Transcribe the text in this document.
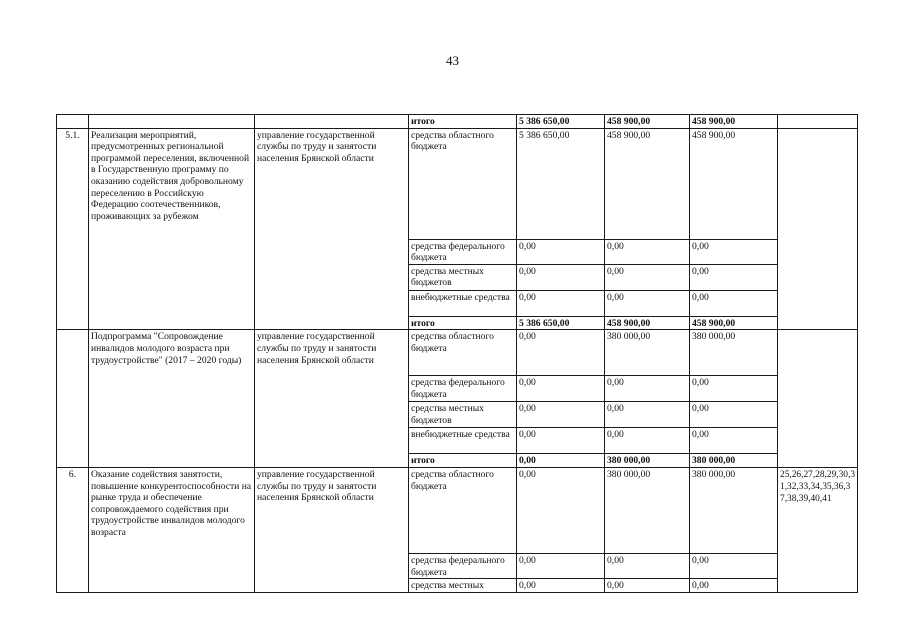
43
			итого	5 386 650,00	458 900,00	458 900,00	
5.1.	Реализация мероприятий, предусмотренных региональной программой переселения, включенной в Государственную программу по оказанию содействия добровольному переселению в Российскую Федерацию соотечественников, проживающих за рубежом	управление государственной службы по труду и занятости населения Брянской области	средства областного бюджета	5 386 650,00	458 900,00	458 900,00	
			средства федерального бюджета	0,00	0,00	0,00	
			средства местных бюджетов	0,00	0,00	0,00	
			внебюджетные средства	0,00	0,00	0,00	
			итого	5 386 650,00	458 900,00	458 900,00	
	Подпрограмма "Сопровождение инвалидов молодого возраста при трудоустройстве" (2017 – 2020 годы)	управление государственной службы по труду и занятости населения Брянской области	средства областного бюджета	0,00	380 000,00	380 000,00	
			средства федерального бюджета	0,00	0,00	0,00	
			средства местных бюджетов	0,00	0,00	0,00	
			внебюджетные средства	0,00	0,00	0,00	
			итого	0,00	380 000,00	380 000,00	
6.	Оказание содействия занятости, повышение конкурентоспособности на рынке труда и обеспечение сопровождаемого содействия при трудоустройстве инвалидов молодого возраста	управление государственной службы по труду и занятости населения Брянской области	средства областного бюджета	0,00	380 000,00	380 000,00	25,26,27,28,29,30,31,32,33,34,35,36,37,38,39,40,41
			средства федерального бюджета	0,00	0,00	0,00	
			средства местных	0,00	0,00	0,00	
